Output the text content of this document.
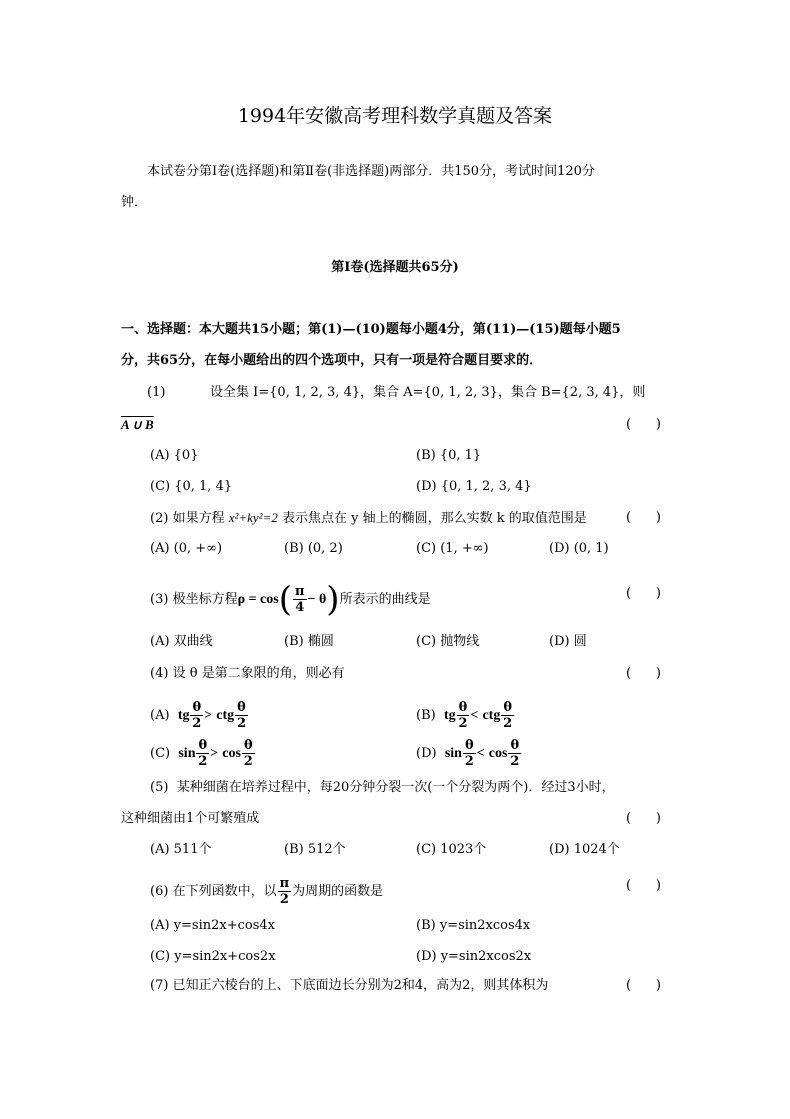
1994年安徽高考理科数学真题及答案
本试卷分第Ⅰ卷(选择题)和第Ⅱ卷(非选择题)两部分．共150分，考试时间120分
钟．
第Ⅰ卷(选择题共65分)
一、选择题：本大题共15小题；第(1)—(10)题每小题4分，第(11)—(15)题每小题5
分，共65分，在每小题给出的四个选项中，只有一项是符合题目要求的．
(1)	设全集 I={0, 1, 2, 3, 4}，集合 A={0, 1, 2, 3}，集合 B={2, 3, 4}，则
A ∪ B	(      )
(A) {0}	(B) {0, 1}
(C) {0, 1, 4}	(D) {0, 1, 2, 3, 4}
(2) 如果方程 x²+ky²=2 表示焦点在 y 轴上的椭圆，那么实数 k 的取值范围是	(      )
(A) (0, +∞)	(B) (0, 2)	(C) (1, +∞)	(D) (0, 1)
(3) 极坐标方程$\rho = \cos( \frac{\pi}{4} - \theta)$所表示的曲线是	(      )
(A) 双曲线	(B) 椭圆	(C) 抛物线	(D) 圆
(4) 设 θ 是第二象限的角，则必有	(      )
(A) tg $\frac{\theta}{2}$ > ctg $\frac{\theta}{2}$	(B) tg $\frac{\theta}{2}$ < ctg $\frac{\theta}{2}$
(C) $\sin \frac{\theta}{2} > \cos \frac{\theta}{2}$	(D) $\sin \frac{\theta}{2} < \cos \frac{\theta}{2}$
(5) 某种细菌在培养过程中，每20分钟分裂一次(一个分裂为两个)．经过3小时，
这种细菌由1个可繁殖成	(      )
(A) 511个	(B) 512个	(C) 1023个	(D) 1024个
(6) 在下列函数中，以 $\frac{\pi}{2}$ 为周期的函数是	(      )
(A) y=sin2x+cos4x	(B) y=sin2xcos4x
(C) y=sin2x+cos2x	(D) y=sin2xcos2x
(7) 已知正六棱台的上、下底面边长分别为2和4，高为2，则其体积为	(      )
